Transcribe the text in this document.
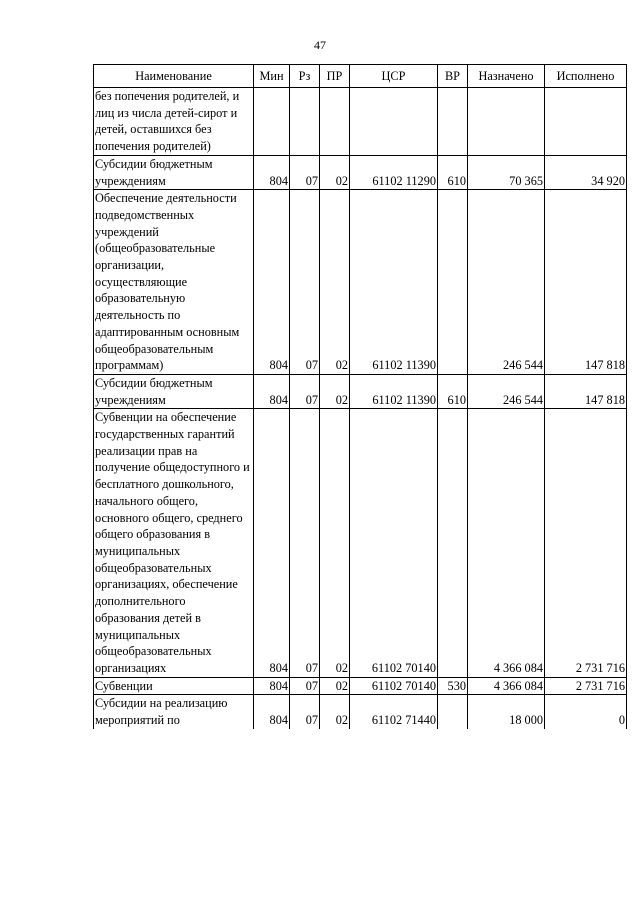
47
Наименование	Мин	Рз	ПР	ЦСР	ВР	Назначено	Исполнено
без попечения родителей, и лиц из числа детей-сирот и детей, оставшихся без попечения родителей)							
Субсидии бюджетным учреждениям	804	07	02	61102 11290	610	70 365	34 920
Обеспечение деятельности подведомственных учреждений (общеобразовательные организации, осуществляющие образовательную деятельность по адаптированным основным общеобразовательным программам)	804	07	02	61102 11390		246 544	147 818
Субсидии бюджетным учреждениям	804	07	02	61102 11390	610	246 544	147 818
Субвенции на обеспечение государственных гарантий реализации прав на получение общедоступного и бесплатного дошкольного, начального общего, основного общего, среднего общего образования в муниципальных общеобразовательных организациях, обеспечение дополнительного образования детей в муниципальных общеобразовательных организациях	804	07	02	61102 70140		4 366 084	2 731 716
Субвенции	804	07	02	61102 70140	530	4 366 084	2 731 716
Субсидии на реализацию мероприятий по	804	07	02	61102 71440		18 000	0
